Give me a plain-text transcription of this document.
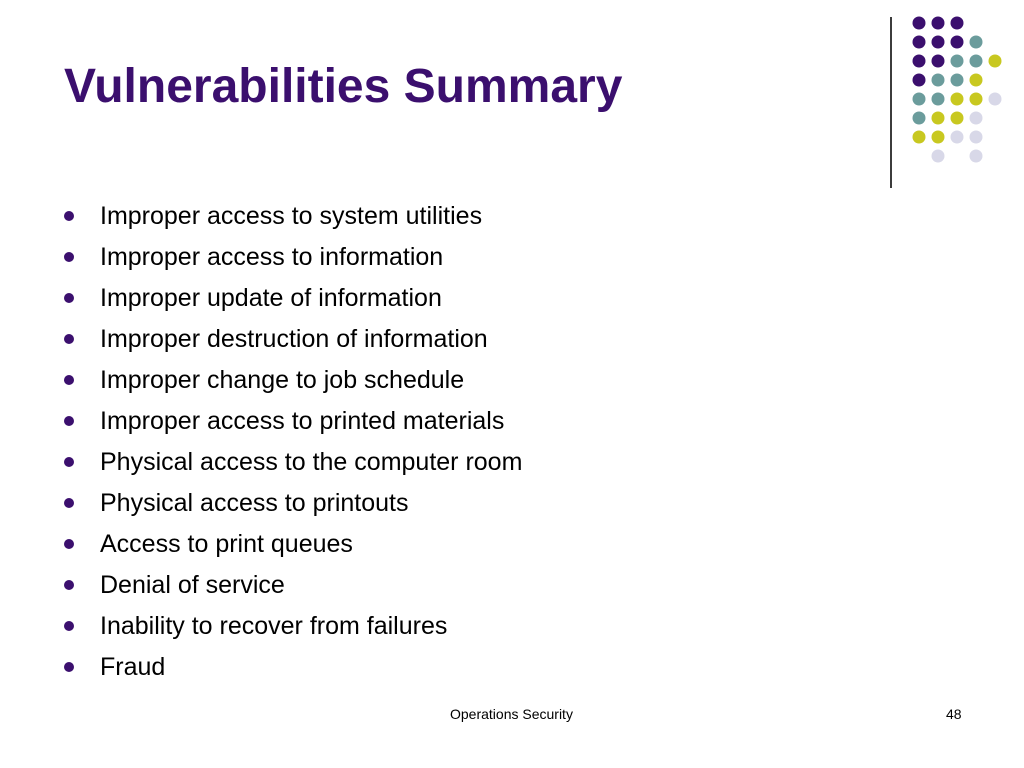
Vulnerabilities Summary
Improper access to system utilities
Improper access to information
Improper update of information
Improper destruction of information
Improper change to job schedule
Improper access to printed materials
Physical access to the computer room
Physical access to printouts
Access to print queues
Denial of service
Inability to recover from failures
Fraud
Operations Security	48
